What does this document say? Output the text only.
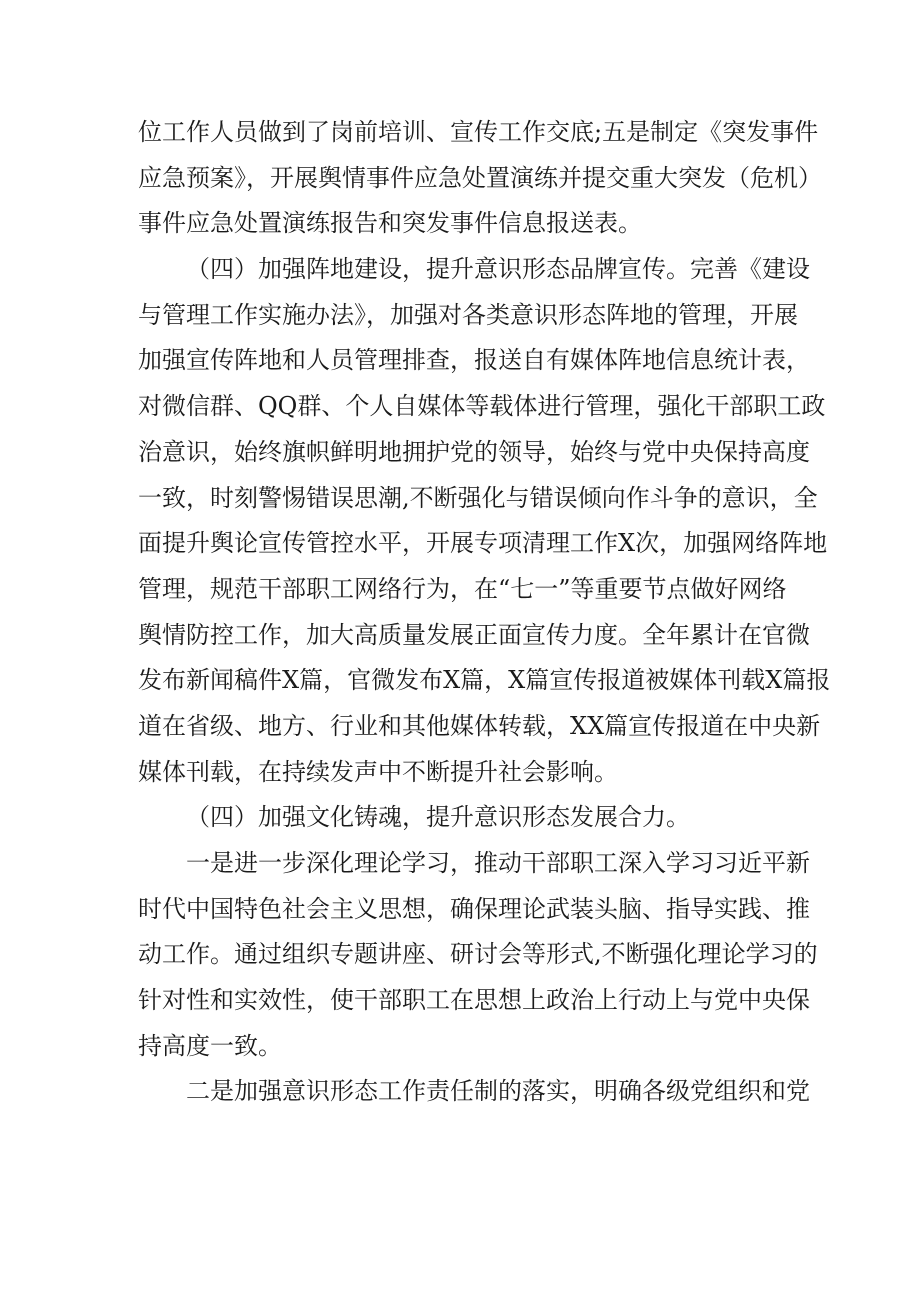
位工作人员做到了岗前培训、宣传工作交底;五是制定《突发事件
应急预案》，开展舆情事件应急处置演练并提交重大突发（危机）
事件应急处置演练报告和突发事件信息报送表。
（四）加强阵地建设，提升意识形态品牌宣传。完善《建设
与管理工作实施办法》，加强对各类意识形态阵地的管理，开展
加强宣传阵地和人员管理排查，报送自有媒体阵地信息统计表，
对微信群、QQ群、个人自媒体等载体进行管理，强化干部职工政
治意识，始终旗帜鲜明地拥护党的领导，始终与党中央保持高度
一致，时刻警惕错误思潮,不断强化与错误倾向作斗争的意识，全
面提升舆论宣传管控水平，开展专项清理工作X次，加强网络阵地
管理，规范干部职工网络行为，在“七一”等重要节点做好网络
舆情防控工作，加大高质量发展正面宣传力度。全年累计在官微
发布新闻稿件X篇，官微发布X篇，X篇宣传报道被媒体刊载X篇报
道在省级、地方、行业和其他媒体转载，XX篇宣传报道在中央新
媒体刊载，在持续发声中不断提升社会影响。
（四）加强文化铸魂，提升意识形态发展合力。
一是进一步深化理论学习，推动干部职工深入学习习近平新
时代中国特色社会主义思想，确保理论武装头脑、指导实践、推
动工作。通过组织专题讲座、研讨会等形式,不断强化理论学习的
针对性和实效性，使干部职工在思想上政治上行动上与党中央保
持高度一致。
二是加强意识形态工作责任制的落实，明确各级党组织和党
